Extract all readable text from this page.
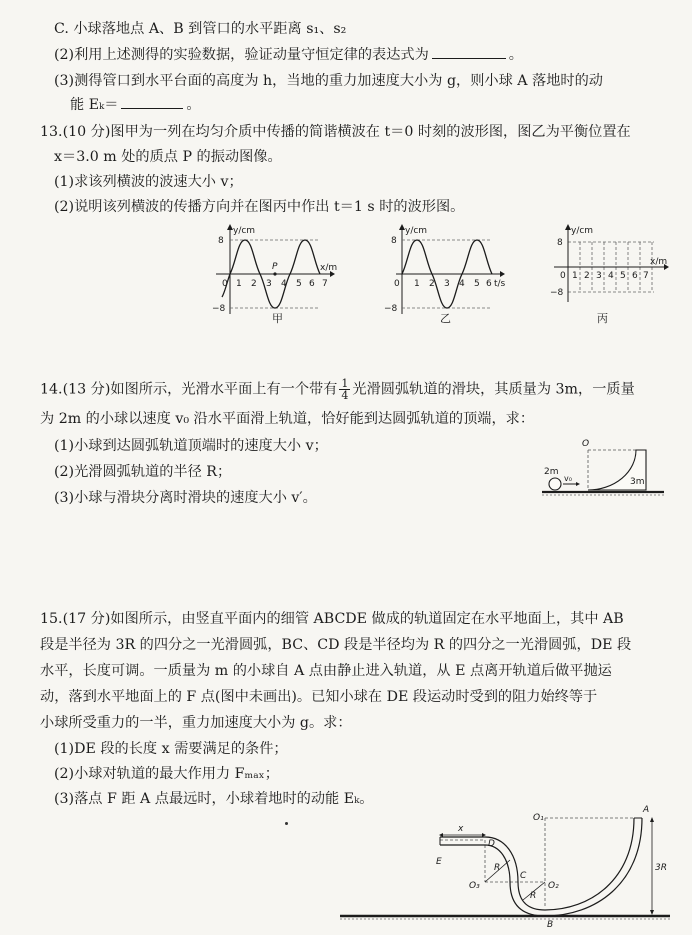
C. 小球落地点 A、B 到管口的水平距离 s₁、s₂
(2)利用上述测得的实验数据，验证动量守恒定律的表达式为	。
(3)测得管口到水平台面的高度为 h，当地的重力加速度大小为 g，则小球 A 落地时的动
能 Eₖ＝	。
13.(10 分)图甲为一列在均匀介质中传播的简谐横波在 t＝0 时刻的波形图，图乙为平衡位置在
x＝3.0 m 处的质点 P 的振动图像。
(1)求该列横波的波速大小 v；
(2)说明该列横波的传播方向并在图丙中作出 t＝1 s 时的波形图。
y/cm
x/m
8
−8
0 1 2 3 4 5 6 7
P
甲
y/cm
t/s
8
−8
0 1 2 3 4 5 6
乙
y/cm
x/m
8
−8
0 1 2 3 4 5 6 7
丙
14.(13 分)如图所示，光滑水平面上有一个带有 $\frac{1}{4}$ 光滑圆弧轨道的滑块，其质量为 3m，一质量
为 2m 的小球以速度 v₀ 沿水平面滑上轨道，恰好能到达圆弧轨道的顶端，求：
(1)小球到达圆弧轨道顶端时的速度大小 v；
(2)光滑圆弧轨道的半径 R；
(3)小球与滑块分离时滑块的速度大小 v′。
O
2m
v₀	3m
15.(17 分)如图所示，由竖直平面内的细管 ABCDE 做成的轨道固定在水平地面上，其中 AB
段是半径为 3R 的四分之一光滑圆弧，BC、CD 段是半径均为 R 的四分之一光滑圆弧，DE 段
水平，长度可调。一质量为 m 的小球自 A 点由静止进入轨道，从 E 点离开轨道后做平抛运
动，落到水平地面上的 F 点(图中未画出)。已知小球在 DE 段运动时受到的阻力始终等于
小球所受重力的一半，重力加速度大小为 g。求：
(1)DE 段的长度 x 需要满足的条件；
(2)小球对轨道的最大作用力 Fₘₐₓ；
(3)落点 F 距 A 点最远时，小球着地时的动能 Eₖ。
A
B
C
D
E
O₁
O₂
O₃
x
R
R
3R
